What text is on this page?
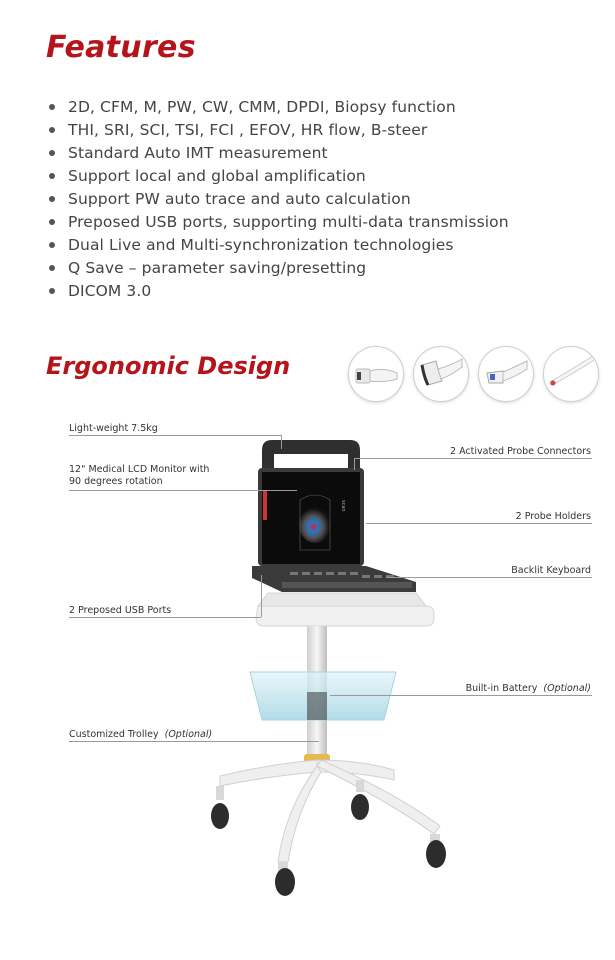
Features
2D, CFM, M, PW, CW, CMM, DPDI, Biopsy function
THI, SRI, SCI, TSI, FCI , EFOV, HR flow, B-steer
Standard Auto IMT measurement
Support local and global amplification
Support PW auto trace and auto calculation
Preposed USB ports, supporting multi-data transmission
Dual Live and Multi-synchronization technologies
Q Save – parameter saving/presetting
DICOM 3.0
Ergonomic Design
scan
Light-weight 7.5kg
12" Medical LCD Monitor with
90 degrees rotation
2 Preposed USB Ports
Customized Trolley (Optional)
2 Activated Probe Connectors
2 Probe Holders
Backlit Keyboard
Built-in Battery (Optional)
